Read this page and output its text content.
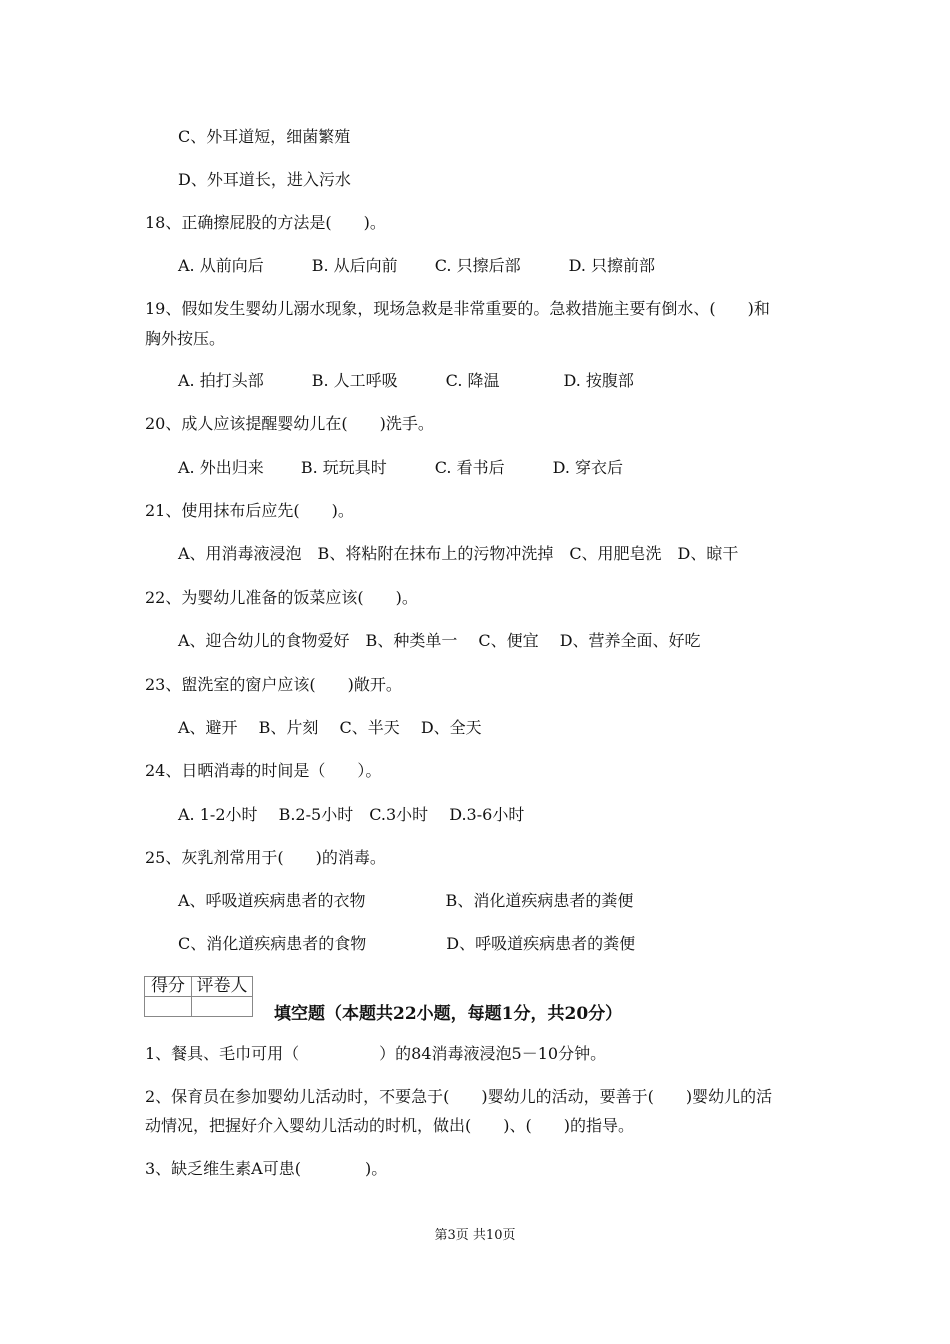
C、外耳道短，细菌繁殖
D、外耳道长，进入污水
18、正确擦屁股的方法是(　　)。
A. 从前向后　　　B. 从后向前　　 C. 只擦后部　　　D. 只擦前部
19、假如发生婴幼儿溺水现象，现场急救是非常重要的。急救措施主要有倒水、(　　)和
胸外按压。
A. 拍打头部　　　B. 人工呼吸　　　C. 降温　　　　D. 按腹部
20、成人应该提醒婴幼儿在(　　)洗手。
A. 外出归来　　 B. 玩玩具时　　　C. 看书后　　　D. 穿衣后
21、使用抹布后应先(　　)。
A、用消毒液浸泡　B、将粘附在抹布上的污物冲洗掉　C、用肥皂洗　D、晾干
22、为婴幼儿准备的饭菜应该(　　)。
A、迎合幼儿的食物爱好　B、种类单一　 C、便宜　 D、营养全面、好吃
23、盥洗室的窗户应该(　　)敞开。
A、避开　 B、片刻　 C、半天　 D、全天
24、日晒消毒的时间是（　　）。
A. 1-2小时　 B.2-5小时　C.3小时　 D.3-6小时
25、灰乳剂常用于(　　)的消毒。
A、呼吸道疾病患者的衣物　　　　　B、消化道疾病患者的粪便
C、消化道疾病患者的食物　　　　　D、呼吸道疾病患者的粪便
得分	评卷人

填空题（本题共22小题，每题1分，共20分）
1、餐具、毛巾可用（　　　　　）的84消毒液浸泡5－10分钟。
2、保育员在参加婴幼儿活动时，不要急于(　　)婴幼儿的活动，要善于(　　)婴幼儿的活
动情况，把握好介入婴幼儿活动的时机，做出(　　)、(　　)的指导。
3、缺乏维生素A可患(　　　　)。
第3页 共10页
